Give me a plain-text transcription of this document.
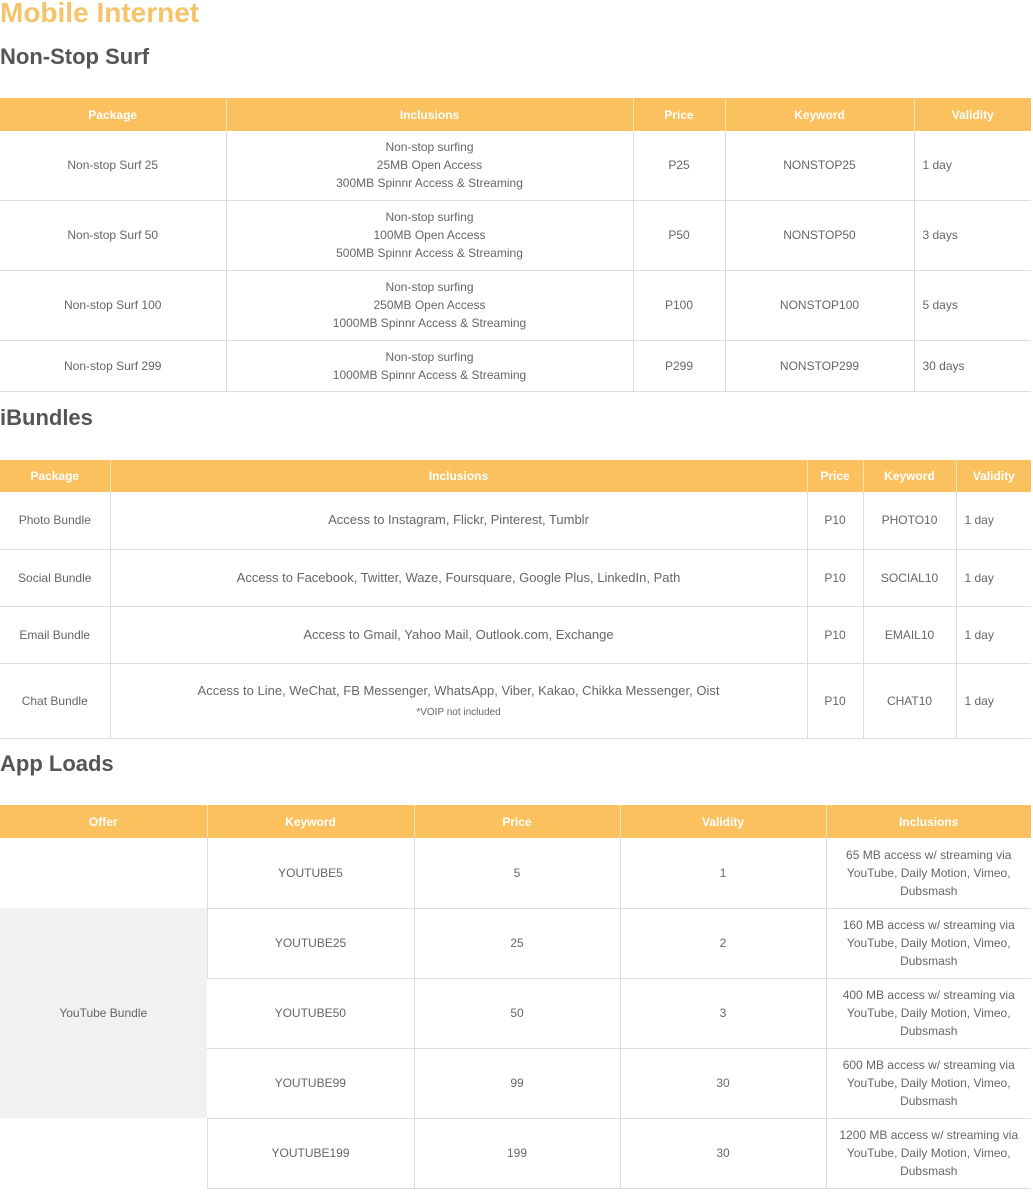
Mobile Internet
Non-Stop Surf
Package	Inclusions	Price	Keyword	Validity
Non-stop Surf 25	Non-stop surfing
25MB Open Access
300MB Spinnr Access & Streaming	P25	NONSTOP25	1 day
Non-stop Surf 50	Non-stop surfing
100MB Open Access
500MB Spinnr Access & Streaming	P50	NONSTOP50	3 days
Non-stop Surf 100	Non-stop surfing
250MB Open Access
1000MB Spinnr Access & Streaming	P100	NONSTOP100	5 days
Non-stop Surf 299	Non-stop surfing
1000MB Spinnr Access & Streaming	P299	NONSTOP299	30 days
iBundles
Package	Inclusions	Price	Keyword	Validity
Photo Bundle	Access to Instagram, Flickr, Pinterest, Tumblr	P10	PHOTO10	1 day
Social Bundle	Access to Facebook, Twitter, Waze, Foursquare, Google Plus, LinkedIn, Path	P10	SOCIAL10	1 day
Email Bundle	Access to Gmail, Yahoo Mail, Outlook.com, Exchange	P10	EMAIL10	1 day
Chat Bundle	Access to Line, WeChat, FB Messenger, WhatsApp, Viber, Kakao, Chikka Messenger, Oist
*VOIP not included	P10	CHAT10	1 day
App Loads
Offer	Keyword	Price	Validity	Inclusions
	YOUTUBE5	5	1	65 MB access w/ streaming via
YouTube, Daily Motion, Vimeo,
Dubsmash

YouTube Bundle	YOUTUBE25	25	2	160 MB access w/ streaming via
YouTube, Daily Motion, Vimeo,
Dubsmash

	YOUTUBE50	50	3	400 MB access w/ streaming via
YouTube, Daily Motion, Vimeo,
Dubsmash

	YOUTUBE99	99	30	600 MB access w/ streaming via
YouTube, Daily Motion, Vimeo,
Dubsmash

	YOUTUBE199	199	30	1200 MB access w/ streaming via
YouTube, Daily Motion, Vimeo,
Dubsmash
